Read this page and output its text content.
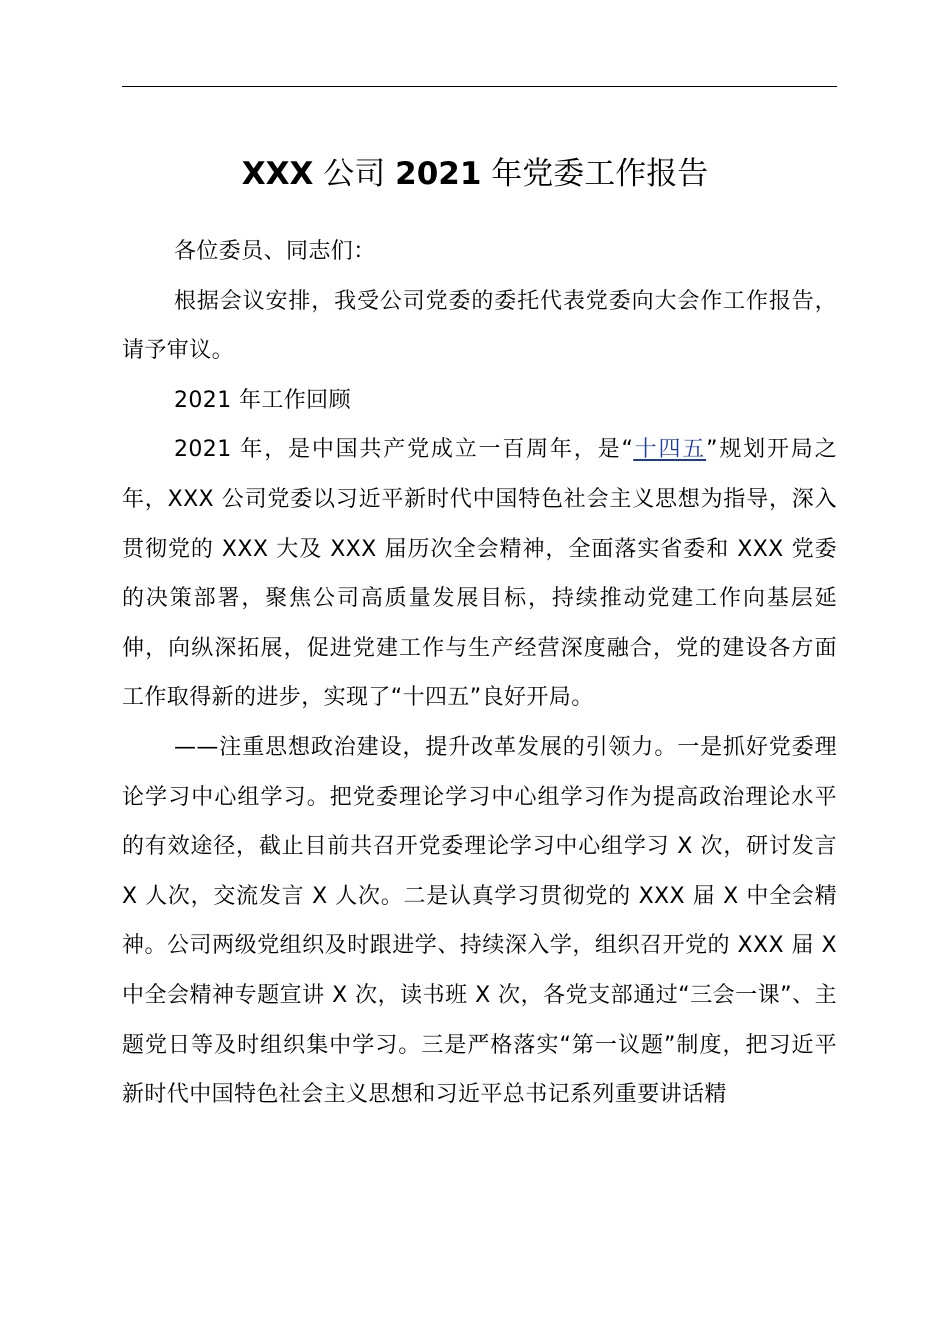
XXX 公司 2021 年党委工作报告

各位委员、同志们：

根据会议安排，我受公司党委的委托代表党委向大会作工作报告，请予审议。

2021 年工作回顾

2021 年，是中国共产党成立一百周年，是“十四五”规划开局之年，XXX 公司党委以习近平新时代中国特色社会主义思想为指导，深入贯彻党的 XXX 大及 XXX 届历次全会精神，全面落实省委和 XXX 党委的决策部署，聚焦公司高质量发展目标，持续推动党建工作向基层延伸，向纵深拓展，促进党建工作与生产经营深度融合，党的建设各方面工作取得新的进步，实现了“十四五”良好开局。

——注重思想政治建设，提升改革发展的引领力。一是抓好党委理论学习中心组学习。把党委理论学习中心组学习作为提高政治理论水平的有效途径，截止目前共召开党委理论学习中心组学习 X 次，研讨发言 X 人次，交流发言 X 人次。二是认真学习贯彻党的 XXX 届 X 中全会精神。公司两级党组织及时跟进学、持续深入学，组织召开党的 XXX 届 X 中全会精神专题宣讲 X 次，读书班 X 次，各党支部通过“三会一课”、主题党日等及时组织集中学习。三是严格落实“第一议题”制度，把习近平新时代中国特色社会主义思想和习近平总书记系列重要讲话精
